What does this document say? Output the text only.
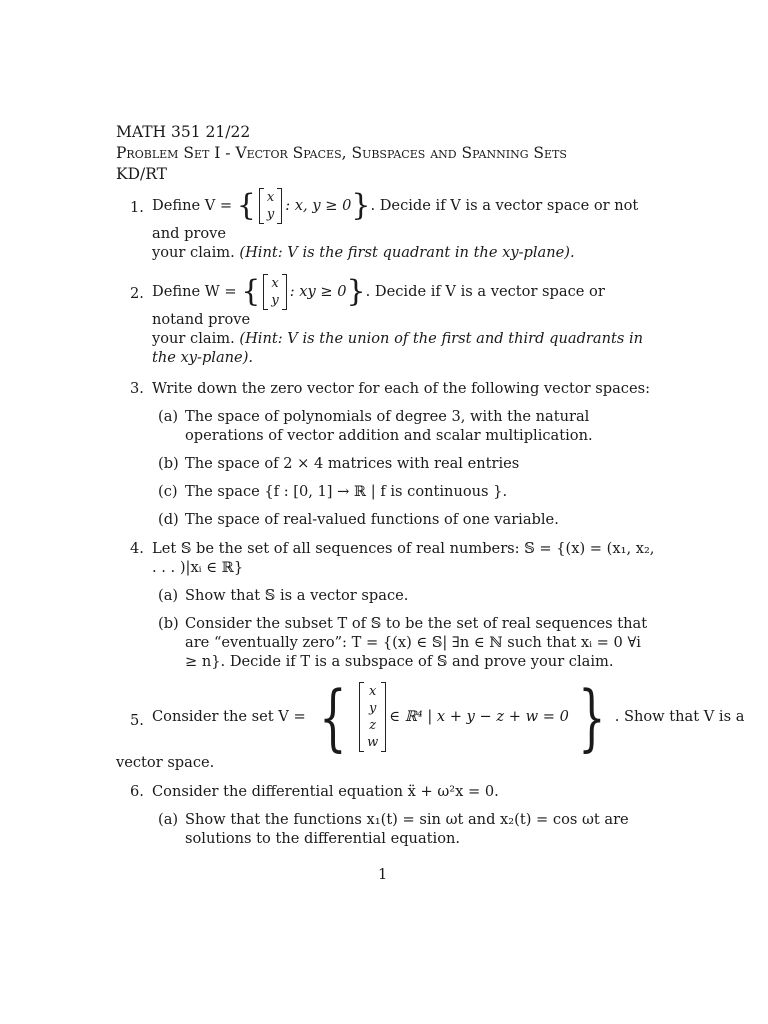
MATH 351 21/22
Problem Set I - Vector Spaces, Subspaces and Spanning Sets
KD/RT
1. Define V = { x
y
: x, y ≥ 0}. Decide if V is a vector space or not and prove
your claim. (Hint: V is the first quadrant in the xy-plane).
2. Define W = { x
y
: xy ≥ 0}. Decide if V is a vector space or notand prove
your claim. (Hint: V is the union of the first and third quadrants in the xy-plane).
3. Write down the zero vector for each of the following vector spaces:
(a) The space of polynomials of degree 3, with the natural operations of vector addition and scalar multiplication.
(b) The space of 2 × 4 matrices with real entries
(c) The space {f : [0, 1] → ℝ | f is continuous }.
(d) The space of real-valued functions of one variable.
4. Let 𝕊 be the set of all sequences of real numbers: 𝕊 = {(x) = (x₁, x₂, . . . )|xᵢ ∈ ℝ}
(a) Show that 𝕊 is a vector space.
(b) Consider the subset T of 𝕊 to be the set of real sequences that are “eventually zero”: T = {(x) ∈ 𝕊| ∃n ∈ ℕ such that xᵢ = 0 ∀i ≥ n}. Decide if T is a subspace of 𝕊 and prove your claim.
5. Consider the set V = { x
y
z
w
∈ ℝ⁴ | x + y − z + w = 0 } . Show that V is a
vector space.
6. Consider the differential equation ẍ + ω²x = 0.
(a) Show that the functions x₁(t) = sin ωt and x₂(t) = cos ωt are solutions to the differential equation.
1
